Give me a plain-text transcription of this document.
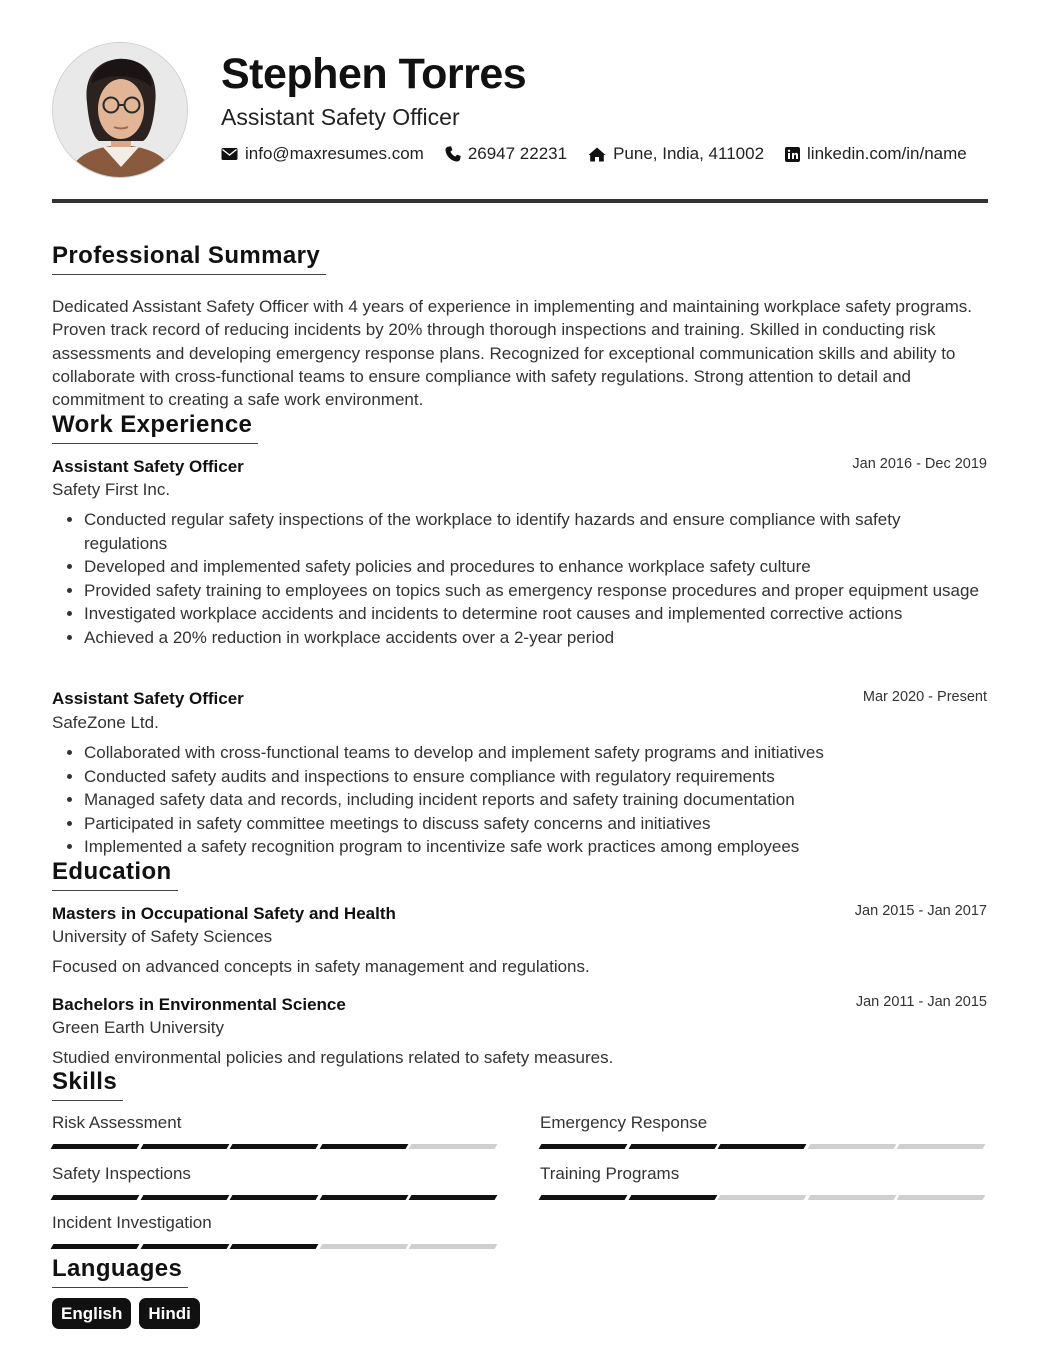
Stephen Torres
Assistant Safety Officer
info@maxresumes.com	26947 22231	Pune, India, 411002	linkedin.com/in/name
Professional Summary
Dedicated Assistant Safety Officer with 4 years of experience in implementing and maintaining workplace safety programs. Proven track record of reducing incidents by 20% through thorough inspections and training. Skilled in conducting risk assessments and developing emergency response plans. Recognized for exceptional communication skills and ability to collaborate with cross-functional teams to ensure compliance with safety regulations. Strong attention to detail and commitment to creating a safe work environment.
Work Experience
Assistant Safety Officer	Jan 2016 - Dec 2019
Safety First Inc.
• Conducted regular safety inspections of the workplace to identify hazards and ensure compliance with safety regulations
• Developed and implemented safety policies and procedures to enhance workplace safety culture
• Provided safety training to employees on topics such as emergency response procedures and proper equipment usage
• Investigated workplace accidents and incidents to determine root causes and implemented corrective actions
• Achieved a 20% reduction in workplace accidents over a 2-year period
Assistant Safety Officer	Mar 2020 - Present
SafeZone Ltd.
• Collaborated with cross-functional teams to develop and implement safety programs and initiatives
• Conducted safety audits and inspections to ensure compliance with regulatory requirements
• Managed safety data and records, including incident reports and safety training documentation
• Participated in safety committee meetings to discuss safety concerns and initiatives
• Implemented a safety recognition program to incentivize safe work practices among employees
Education
Masters in Occupational Safety and Health	Jan 2015 - Jan 2017
University of Safety Sciences
Focused on advanced concepts in safety management and regulations.
Bachelors in Environmental Science	Jan 2011 - Jan 2015
Green Earth University
Studied environmental policies and regulations related to safety measures.
Skills
Risk Assessment	Emergency Response
Safety Inspections	Training Programs
Incident Investigation
Languages
English	Hindi
